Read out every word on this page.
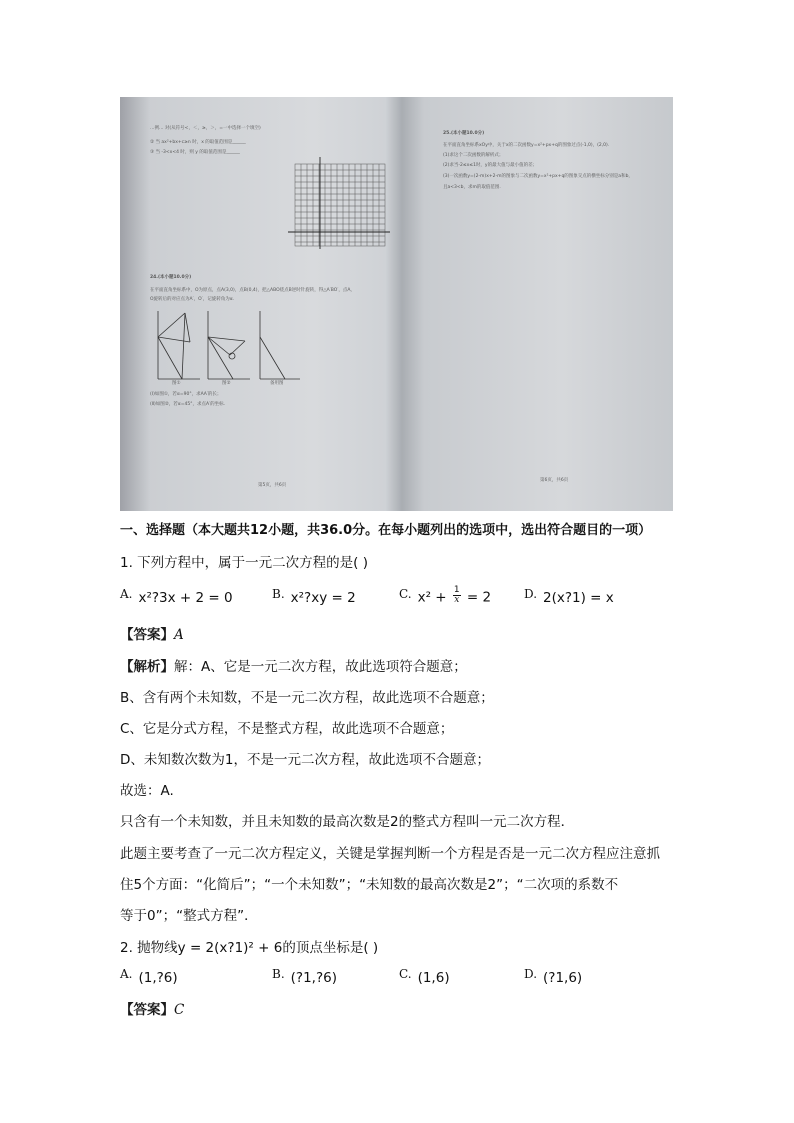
…例… 对(从符号<，＜，≥，＞，=一中选择一个填空)
② 当 ax²+bx+c≥n 时，x 的取值范围是______
③ 当 -3<x<4 时，则 y 的取值范围是______
24.(本小题10.0分)
在平面直角坐标系中，O为原点，点A(3,0)，点B(0,4)，把△ABO绕点B逆时针旋转，得△A′BO′，点A，
O旋转后的对应点为A′，O′，记旋转角为α.
图①	图②	备用图
(Ⅰ)如图①，若α=90°，求AA′的长；
(Ⅱ)如图②，若α=45°，求点A′的坐标.
第5页，共6页
25.(本小题10.0分)
在平面直角坐标系xOy中，关于x的二次函数y=x²+px+q的图象过点(-1,0)，(2,0).
(1)求这个二次函数的解析式；
(2)求当-2≤x≤1时，y的最大值与最小值的差；
(3)一次函数y=(2-m)x+2-m的图象与二次函数y=x²+px+q的图象交点的横坐标分别是a和b，
且a<3<b，求m的取值范围.
第6页，共6页
一、选择题（本大题共12小题，共36.0分。在每小题列出的选项中，选出符合题目的一项）
1. 下列方程中，属于一元二次方程的是( )
A. x²?3x + 2 = 0	B. x²?xy = 2	C. $x^2 + \frac{1}{x} = 2$	D. 2(x?1) = x
【答案】A
【解析】解：A、它是一元二次方程，故此选项符合题意；
B、含有两个未知数，不是一元二次方程，故此选项不合题意；
C、它是分式方程，不是整式方程，故此选项不合题意；
D、未知数次数为1，不是一元二次方程，故此选项不合题意；
故选：A.
只含有一个未知数，并且未知数的最高次数是2的整式方程叫一元二次方程．
此题主要考查了一元二次方程定义，关键是掌握判断一个方程是否是一元二次方程应注意抓
住5个方面：“化简后”；“一个未知数”；“未知数的最高次数是2”；“二次项的系数不
等于0”；“整式方程”．
2. 抛物线y = 2(x?1)² + 6的顶点坐标是( )
A. (1,?6)	B. (?1,?6)	C. (1,6)	D. (?1,6)
【答案】C
